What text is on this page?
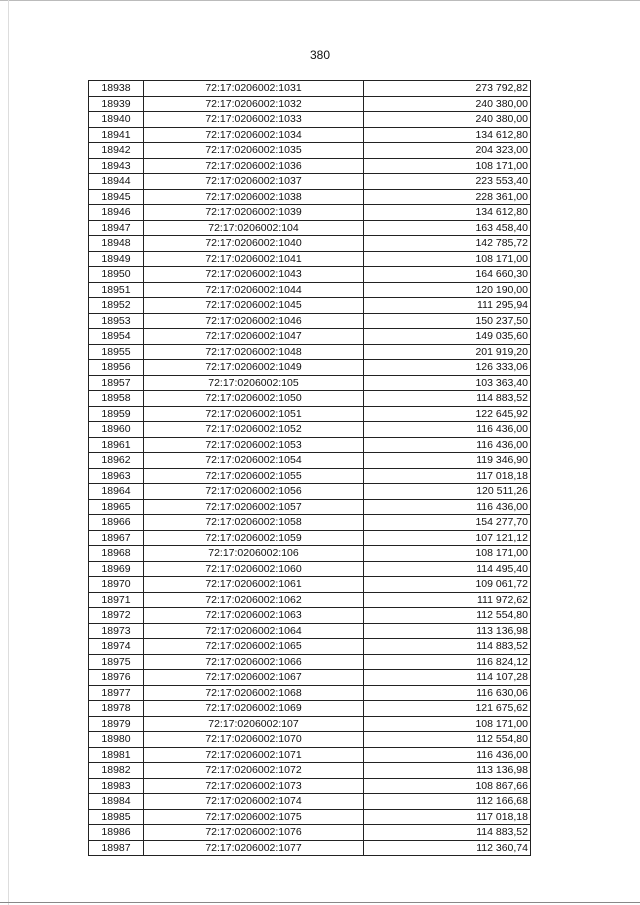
380
18938	72:17:0206002:1031	273 792,82
18939	72:17:0206002:1032	240 380,00
18940	72:17:0206002:1033	240 380,00
18941	72:17:0206002:1034	134 612,80
18942	72:17:0206002:1035	204 323,00
18943	72:17:0206002:1036	108 171,00
18944	72:17:0206002:1037	223 553,40
18945	72:17:0206002:1038	228 361,00
18946	72:17:0206002:1039	134 612,80
18947	72:17:0206002:104	163 458,40
18948	72:17:0206002:1040	142 785,72
18949	72:17:0206002:1041	108 171,00
18950	72:17:0206002:1043	164 660,30
18951	72:17:0206002:1044	120 190,00
18952	72:17:0206002:1045	111 295,94
18953	72:17:0206002:1046	150 237,50
18954	72:17:0206002:1047	149 035,60
18955	72:17:0206002:1048	201 919,20
18956	72:17:0206002:1049	126 333,06
18957	72:17:0206002:105	103 363,40
18958	72:17:0206002:1050	114 883,52
18959	72:17:0206002:1051	122 645,92
18960	72:17:0206002:1052	116 436,00
18961	72:17:0206002:1053	116 436,00
18962	72:17:0206002:1054	119 346,90
18963	72:17:0206002:1055	117 018,18
18964	72:17:0206002:1056	120 511,26
18965	72:17:0206002:1057	116 436,00
18966	72:17:0206002:1058	154 277,70
18967	72:17:0206002:1059	107 121,12
18968	72:17:0206002:106	108 171,00
18969	72:17:0206002:1060	114 495,40
18970	72:17:0206002:1061	109 061,72
18971	72:17:0206002:1062	111 972,62
18972	72:17:0206002:1063	112 554,80
18973	72:17:0206002:1064	113 136,98
18974	72:17:0206002:1065	114 883,52
18975	72:17:0206002:1066	116 824,12
18976	72:17:0206002:1067	114 107,28
18977	72:17:0206002:1068	116 630,06
18978	72:17:0206002:1069	121 675,62
18979	72:17:0206002:107	108 171,00
18980	72:17:0206002:1070	112 554,80
18981	72:17:0206002:1071	116 436,00
18982	72:17:0206002:1072	113 136,98
18983	72:17:0206002:1073	108 867,66
18984	72:17:0206002:1074	112 166,68
18985	72:17:0206002:1075	117 018,18
18986	72:17:0206002:1076	114 883,52
18987	72:17:0206002:1077	112 360,74
